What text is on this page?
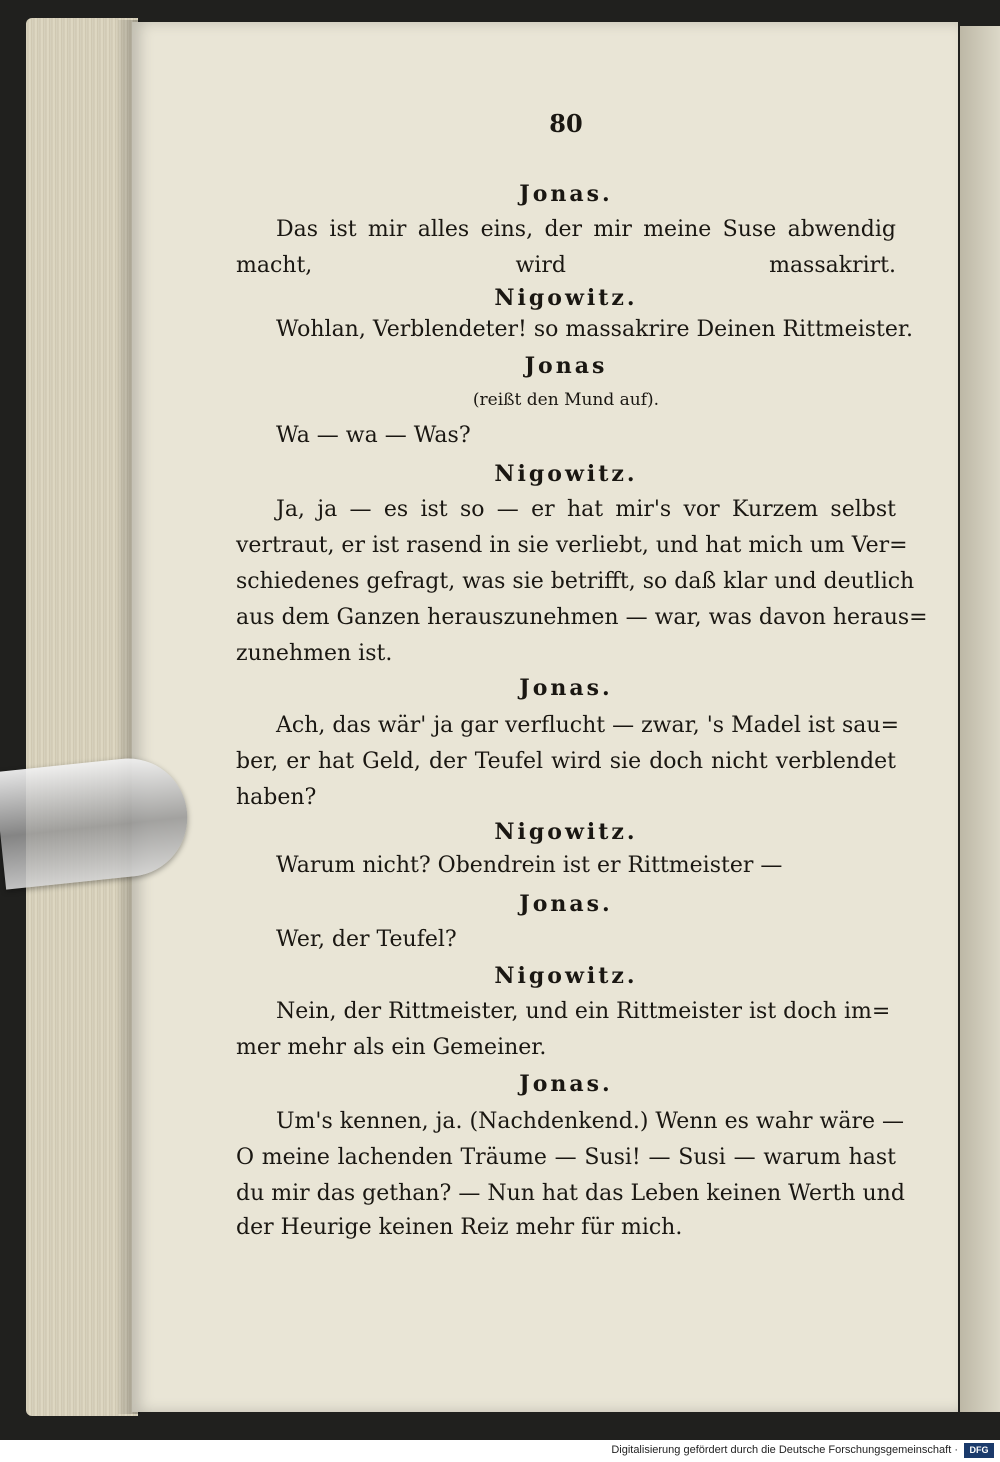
80
Jonas.
Das ist mir alles eins, der mir meine Suse abwendig
macht, wird massakrirt.
Nigowitz.
Wohlan, Verblendeter! so massakrire Deinen Rittmeister.
Jonas
(reißt den Mund auf).
Wa — wa — Was?
Nigowitz.
Ja, ja — es ist so — er hat mir's vor Kurzem selbst
vertraut, er ist rasend in sie verliebt, und hat mich um Ver=
schiedenes gefragt, was sie betrifft, so daß klar und deutlich
aus dem Ganzen herauszunehmen — war, was davon heraus=
zunehmen ist.
Jonas.
Ach, das wär' ja gar verflucht — zwar, 's Madel ist sau=
ber, er hat Geld, der Teufel wird sie doch nicht verblendet
haben?
Nigowitz.
Warum nicht? Obendrein ist er Rittmeister —
Jonas.
Wer, der Teufel?
Nigowitz.
Nein, der Rittmeister, und ein Rittmeister ist doch im=
mer mehr als ein Gemeiner.
Jonas.
Um's kennen, ja. (Nachdenkend.) Wenn es wahr wäre —
O meine lachenden Träume — Susi! — Susi — warum hast
du mir das gethan? — Nun hat das Leben keinen Werth und
der Heurige keinen Reiz mehr für mich.
Digitalisierung gefördert durch die Deutsche Forschungsgemeinschaft ·	DFG
